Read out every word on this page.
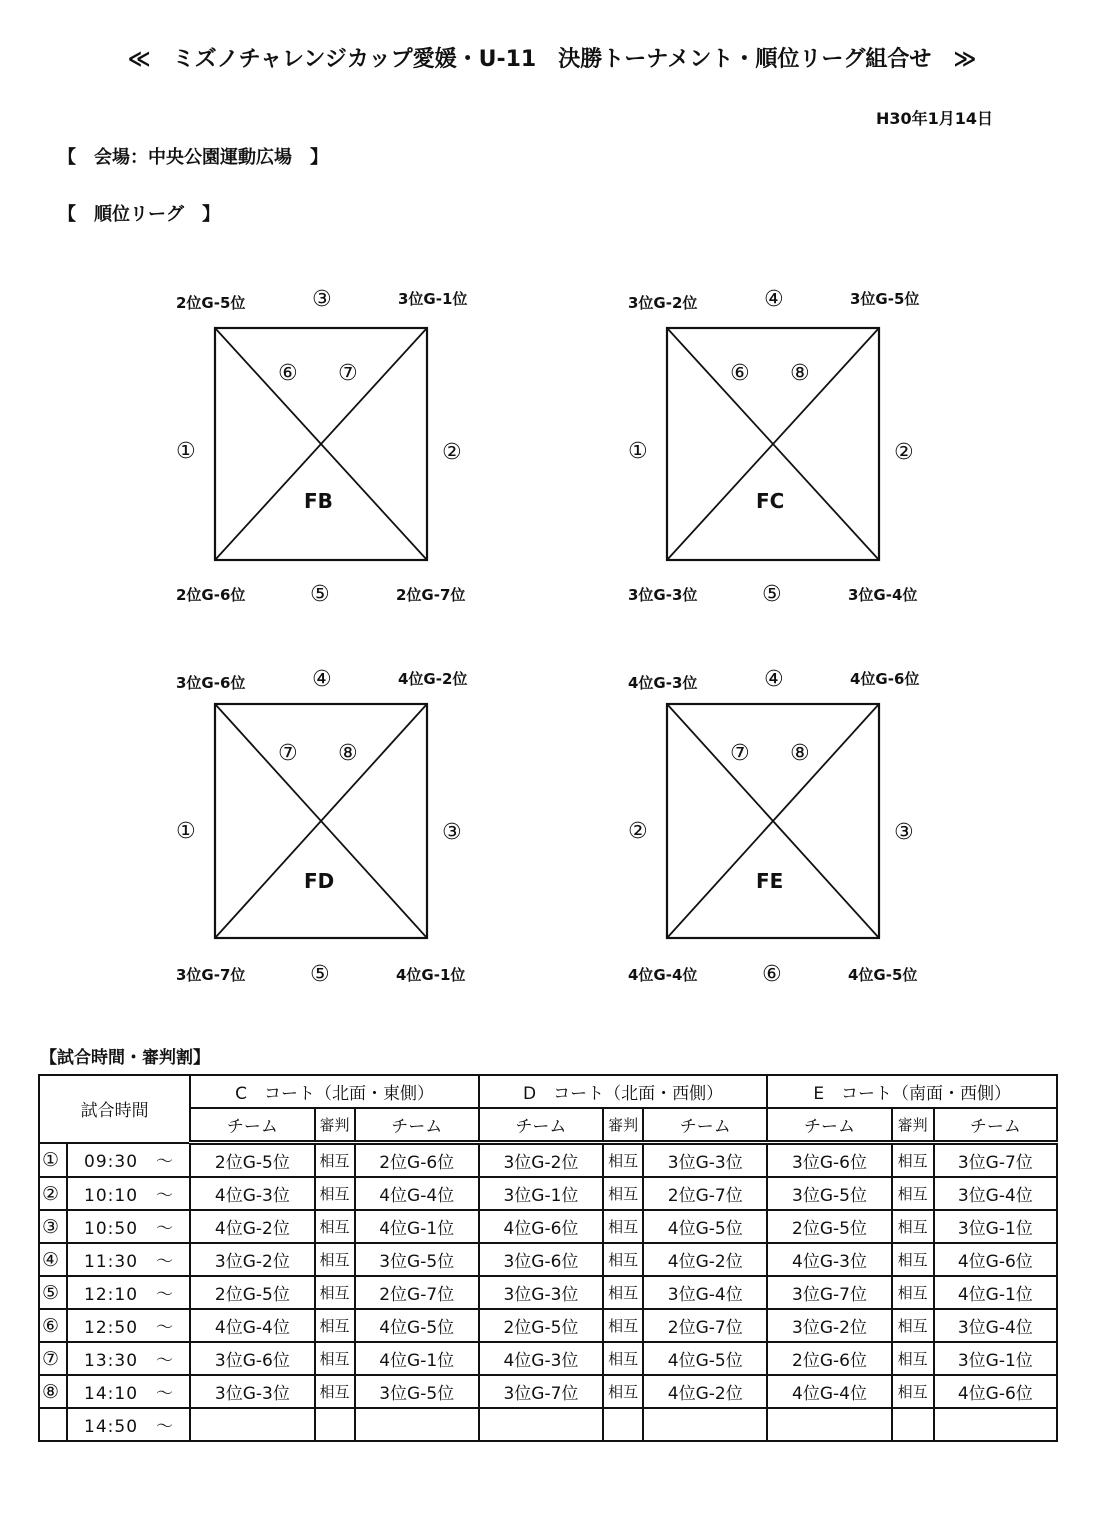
≪ ミズノチャレンジカップ愛媛・U-11　決勝トーナメント・順位リーグ組合せ ≫
H30年1月14日
【　会場：中央公園運動広場　】
【　順位リーグ　】
2位G-5位	3位G-1位
2位G-6位	2位G-7位
③
①	②
⑤
⑥ ⑦
FB
3位G-2位	3位G-5位
3位G-3位	3位G-4位
④
①	②
⑤
⑥ ⑧
FC
3位G-6位	4位G-2位
3位G-7位	4位G-1位
④
①	③
⑤
⑦ ⑧
FD
4位G-3位	4位G-6位
4位G-4位	4位G-5位
④
②	③
⑥
⑦ ⑧
FE
【試合時間・審判割】
試合時間		C　コート（北面・東側）			D　コート（北面・西側）			E　コート（南面・西側）		
		チーム	審判	チーム	チーム	審判	チーム	チーム	審判	チーム
①	09:30　～	2位G-5位	相互	2位G-6位	3位G-2位	相互	3位G-3位	3位G-6位	相互	3位G-7位
②	10:10　～	4位G-3位	相互	4位G-4位	3位G-1位	相互	2位G-7位	3位G-5位	相互	3位G-4位
③	10:50　～	4位G-2位	相互	4位G-1位	4位G-6位	相互	4位G-5位	2位G-5位	相互	3位G-1位
④	11:30　～	3位G-2位	相互	3位G-5位	3位G-6位	相互	4位G-2位	4位G-3位	相互	4位G-6位
⑤	12:10　～	2位G-5位	相互	2位G-7位	3位G-3位	相互	3位G-4位	3位G-7位	相互	4位G-1位
⑥	12:50　～	4位G-4位	相互	4位G-5位	2位G-5位	相互	2位G-7位	3位G-2位	相互	3位G-4位
⑦	13:30　～	3位G-6位	相互	4位G-1位	4位G-3位	相互	4位G-5位	2位G-6位	相互	3位G-1位
⑧	14:10　～	3位G-3位	相互	3位G-5位	3位G-7位	相互	4位G-2位	4位G-4位	相互	4位G-6位
	14:50　～									
